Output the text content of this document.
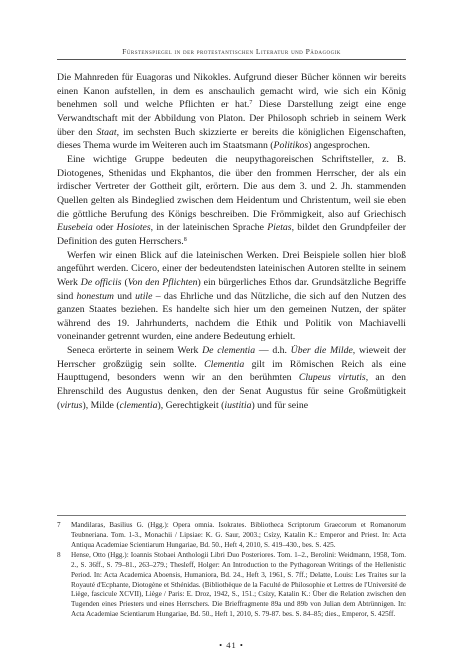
Fürstenspiegel in der protestantischen Literatur und Pädagogik

Die Mahnreden für Euagoras und Nikokles. Aufgrund dieser Bücher können wir bereits einen Kanon aufstellen, in dem es anschaulich gemacht wird, wie sich ein König benehmen soll und welche Pflichten er hat.$^7$ Diese Darstellung zeigt eine enge Verwandtschaft mit der Abbildung von Platon. Der Philosoph schrieb in seinem Werk über den Staat, im sechsten Buch skizzierte er bereits die königlichen Eigenschaften, dieses Thema wurde im Weiteren auch im Staatsmann (Politikos) angesprochen.

Eine wichtige Gruppe bedeuten die neupythagoreischen Schriftsteller, z. B. Diotogenes, Sthenidas und Ekphantos, die über den frommen Herrscher, der als ein irdischer Vertreter der Gottheit gilt, erörtern. Die aus dem 3. und 2. Jh. stammenden Quellen gelten als Bindeglied zwischen dem Heidentum und Christentum, weil sie eben die göttliche Berufung des Königs beschreiben. Die Frömmigkeit, also auf Griechisch Eusebeia oder Hosiotes, in der lateinischen Sprache Pietas, bildet den Grundpfeiler der Definition des guten Herrschers.$^8$

Werfen wir einen Blick auf die lateinischen Werken. Drei Beispiele sollen hier bloß angeführt werden. Cicero, einer der bedeutendsten lateinischen Autoren stellte in seinem Werk De officiis (Von den Pflichten) ein bürgerliches Ethos dar. Grundsätzliche Begriffe sind honestum und utile – das Ehrliche und das Nützliche, die sich auf den Nutzen des ganzen Staates beziehen. Es handelte sich hier um den gemeinen Nutzen, der später während des 19. Jahrhunderts, nachdem die Ethik und Politik von Machiavelli voneinander getrennt wurden, eine andere Bedeutung erhielt.

Seneca erörterte in seinem Werk De clementia — d.h. Über die Milde, wieweit der Herrscher großzügig sein sollte. Clementia gilt im Römischen Reich als eine Haupttugend, besonders wenn wir an den berühmten Clupeus virtutis, an den Ehrenschild des Augustus denken, den der Senat Augustus für seine Großmütigkeit (virtus), Milde (clementia), Gerechtigkeit (iustitia) und für seine

7	Mandilaras, Basilius G. (Hgg.): Opera omnia. Isokrates. Bibliotheca Scriptorum Graecorum et Romanorum Teubneriana. Tom. 1-3., Monachii / Lipsiae: K. G. Saur, 2003.; Csízy, Katalin K.: Emperor and Priest. In: Acta Antiqua Academiae Scientiarum Hungariae, Bd. 50., Heft 4, 2010, S. 419–430., bes. S. 425.
8	Hense, Otto (Hgg.): Ioannis Stobaei Anthologii Libri Duo Posteriores. Tom. 1–2., Berolini: Weidmann, 1958, Tom. 2., S. 36ff., S. 79–81., 263–279.; Thesleff, Holger: An Introduction to the Pythagorean Writings of the Hellenistic Period. In: Acta Academica Aboensis, Humaniora, Bd. 24., Heft 3, 1961, S. 7ff.; Delatte, Louis: Les Traites sur la Royauté d'Ecphante, Diotogène et Sthénidas. (Bibliothèque de la Faculté de Philosophie et Lettres de l'Université de Liège, fascicule XCVII), Liège / Paris: E. Droz, 1942, S., 151.; Csízy, Katalin K.: Über die Relation zwischen den Tugenden eines Priesters und eines Herrschers. Die Brieffragmente 89a und 89b von Julian dem Abtrünnigen. In: Acta Academiae Scientiarum Hungariae, Bd. 50., Heft 1, 2010, S. 79-87. bes. S. 84–85; dies., Emperor, S. 425ff.
• 41 •
